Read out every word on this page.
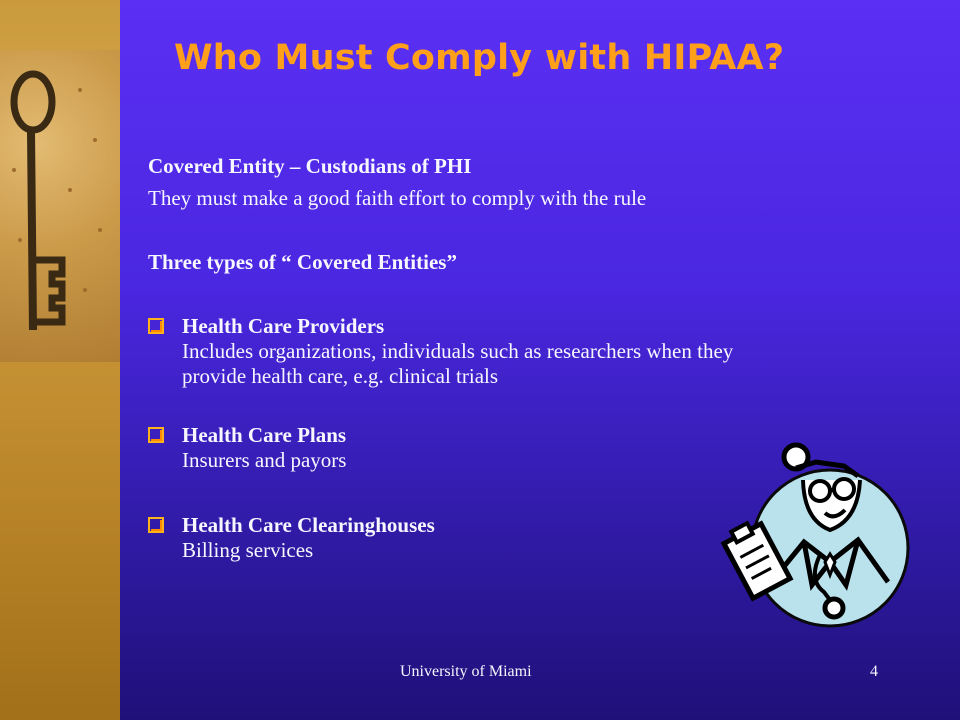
Who Must Comply with HIPAA?
Covered Entity – Custodians of PHI
They must make a good faith effort to comply with the rule
Three types of “ Covered Entities”
Health Care Providers
Includes organizations, individuals such as researchers when they
provide health care, e.g. clinical trials
Health Care Plans
Insurers and payors
Health Care Clearinghouses
Billing services
University of Miami	4
